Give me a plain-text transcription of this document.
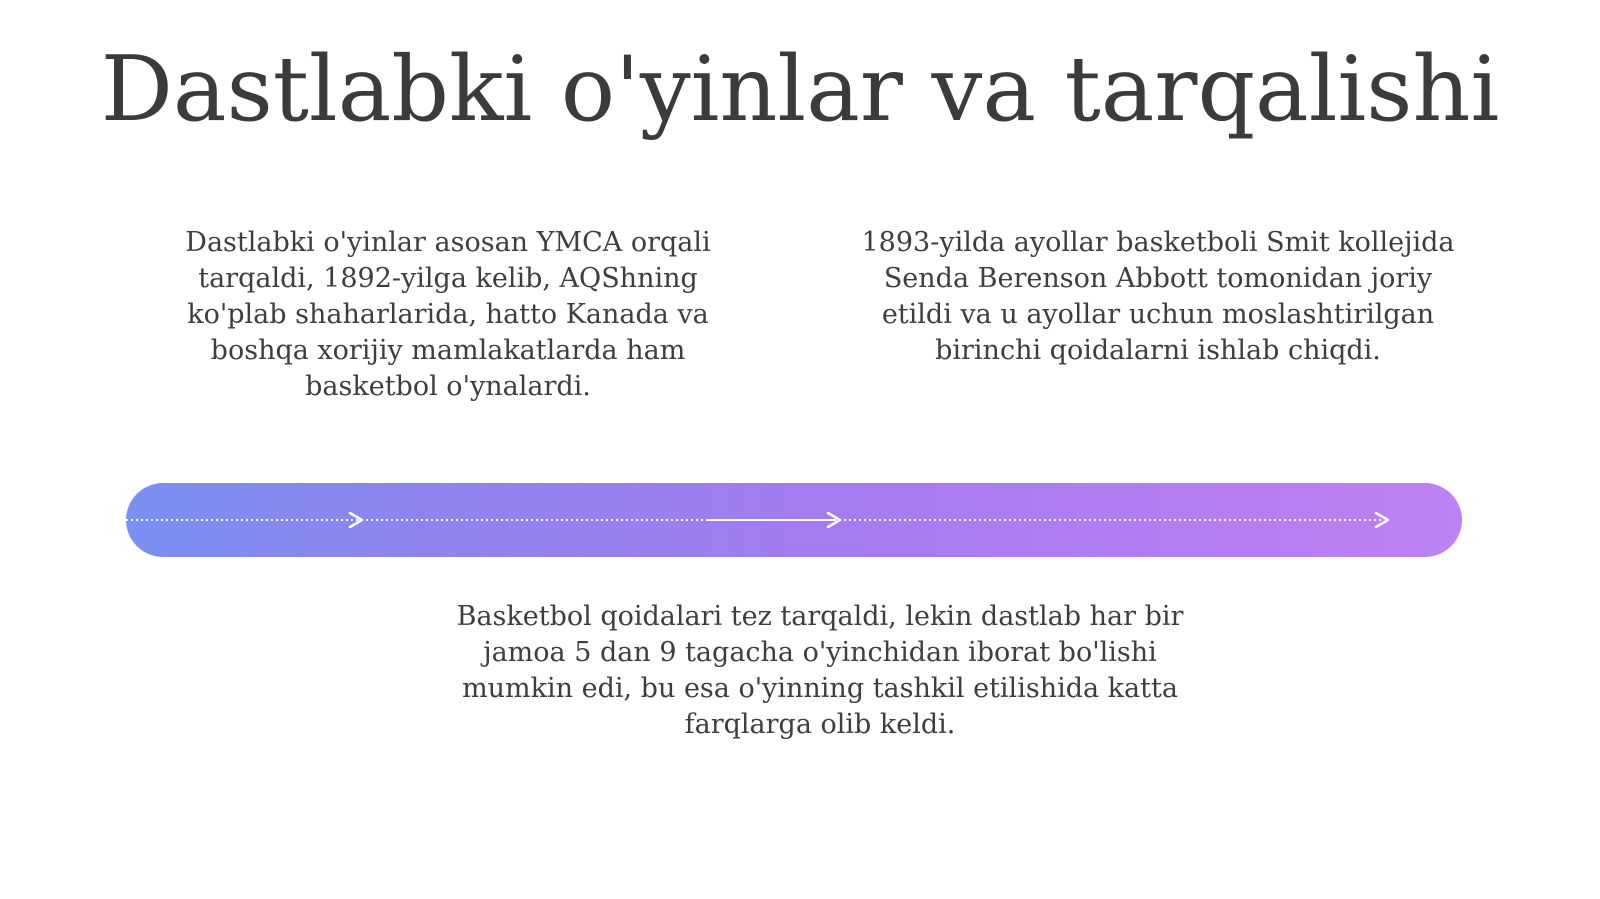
Dastlabki o'yinlar va tarqalishi

Dastlabki o'yinlar asosan YMCA orqali tarqaldi, 1892-yilga kelib, AQShning ko'plab shaharlarida, hatto Kanada va boshqa xorijiy mamlakatlarda ham basketbol o'ynalardi.

1893-yilda ayollar basketboli Smit kollejida Senda Berenson Abbott tomonidan joriy etildi va u ayollar uchun moslashtirilgan birinchi qoidalarni ishlab chiqdi.

Basketbol qoidalari tez tarqaldi, lekin dastlab har bir jamoa 5 dan 9 tagacha o'yinchidan iborat bo'lishi mumkin edi, bu esa o'yinning tashkil etilishida katta farqlarga olib keldi.
